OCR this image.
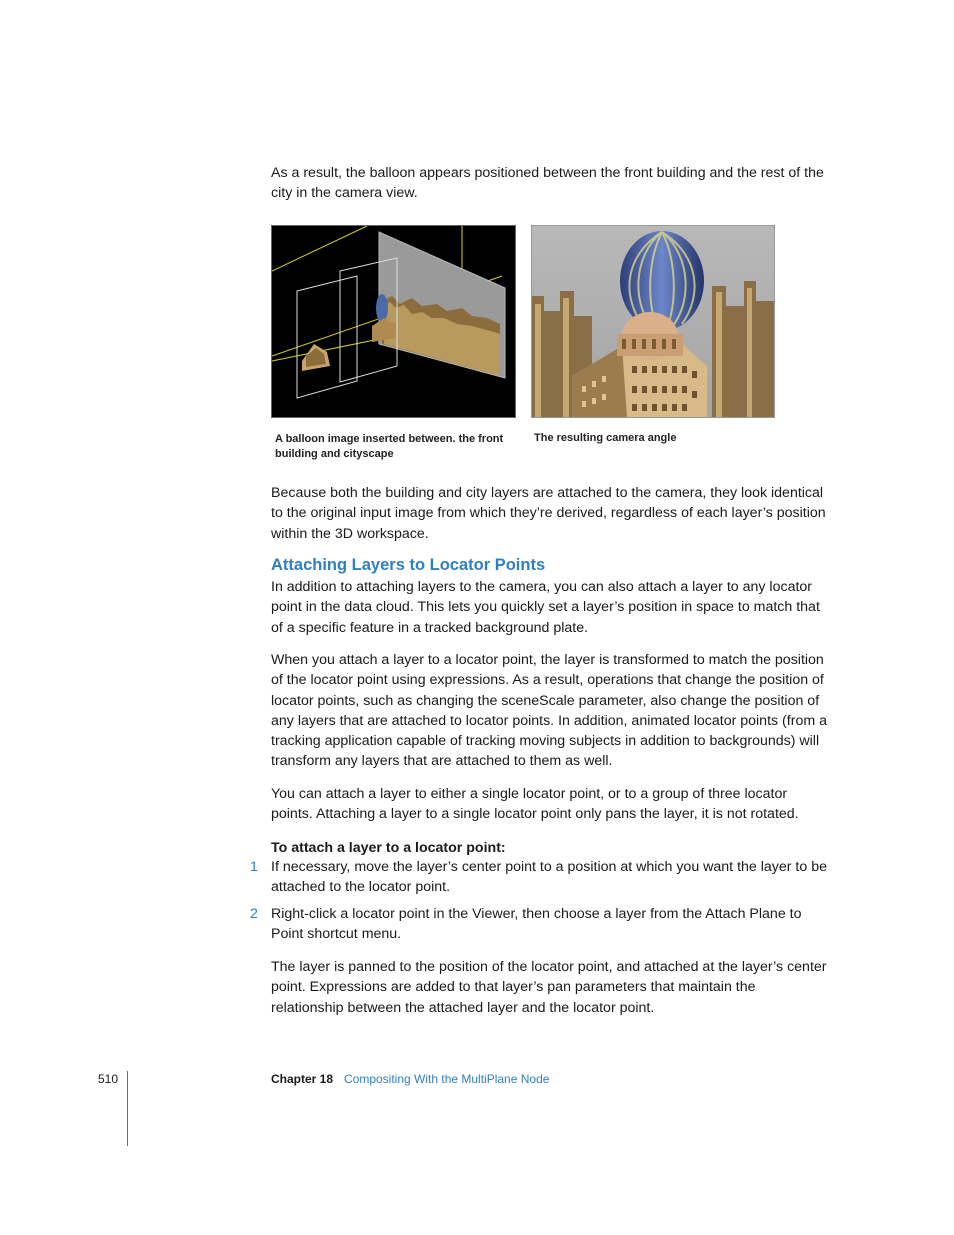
As a result, the balloon appears positioned between the front building and the rest of the city in the camera view.

A balloon image inserted between. the front building and cityscape
The resulting camera angle

Because both the building and city layers are attached to the camera, they look identical to the original input image from which they’re derived, regardless of each layer’s position within the 3D workspace.

Attaching Layers to Locator Points

In addition to attaching layers to the camera, you can also attach a layer to any locator point in the data cloud. This lets you quickly set a layer’s position in space to match that of a specific feature in a tracked background plate.

When you attach a layer to a locator point, the layer is transformed to match the position of the locator point using expressions. As a result, operations that change the position of locator points, such as changing the sceneScale parameter, also change the position of any layers that are attached to locator points. In addition, animated locator points (from a tracking application capable of tracking moving subjects in addition to backgrounds) will transform any layers that are attached to them as well.

You can attach a layer to either a single locator point, or to a group of three locator points. Attaching a layer to a single locator point only pans the layer, it is not rotated.

To attach a layer to a locator point:
1 If necessary, move the layer’s center point to a position at which you want the layer to be attached to the locator point.

2 Right-click a locator point in the Viewer, then choose a layer from the Attach Plane to Point shortcut menu.

The layer is panned to the position of the locator point, and attached at the layer’s center point. Expressions are added to that layer’s pan parameters that maintain the relationship between the attached layer and the locator point.

510	Chapter 18 Compositing With the MultiPlane Node
